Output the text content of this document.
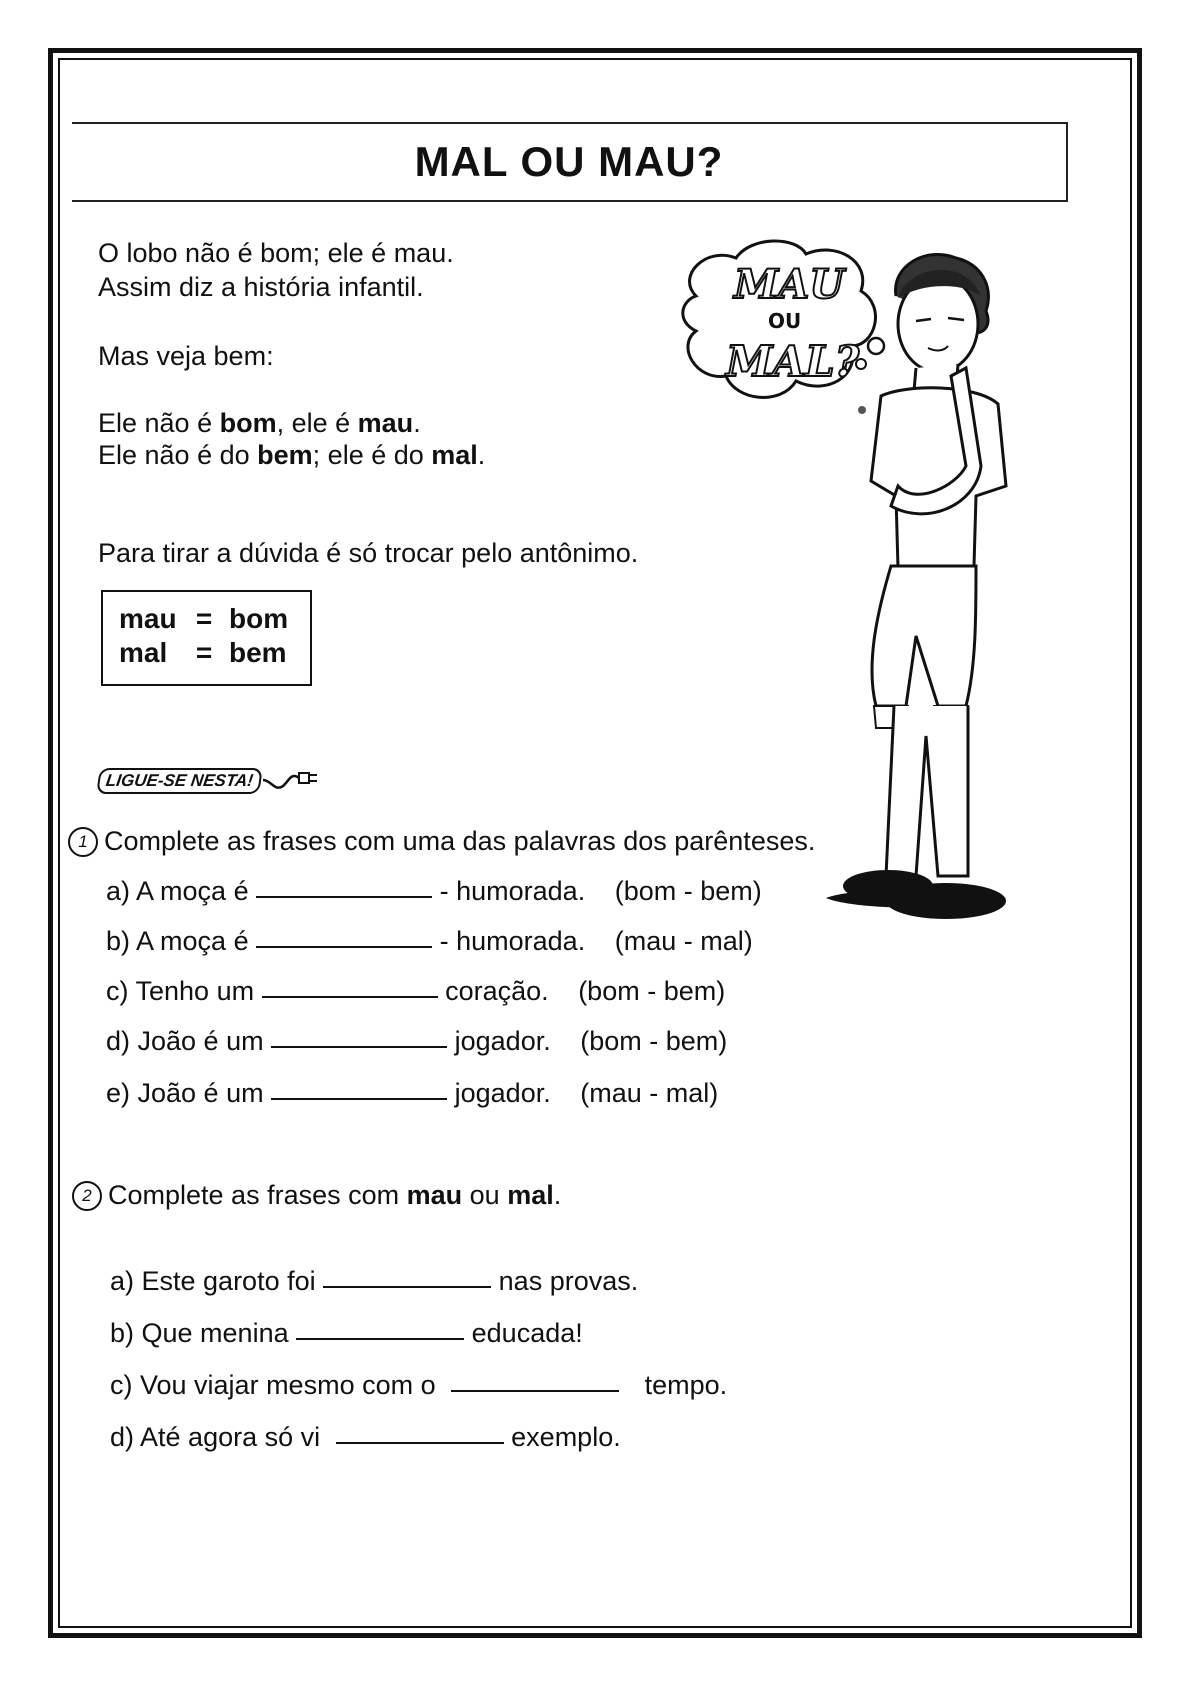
MAL OU MAU?
O lobo não é bom; ele é mau.
Assim diz a história infantil.
Mas veja bem:
Ele não é bom, ele é mau.
Ele não é do bem; ele é do mal.
Para tirar a dúvida é só trocar pelo antônimo.
mau = bom
mal	= bem
LIGUE-SE NESTA!
MAU
OU
MAL?
1 Complete as frases com uma das palavras dos parênteses.
a) A moça é	- humorada. (bom - bem)
b) A moça é	- humorada. (mau - mal)
c) Tenho um	coração. (bom - bem)
d) João é um	jogador. (bom - bem)
e) João é um	jogador. (mau - mal)
2 Complete as frases com mau ou mal.
a) Este garoto foi	nas provas.
b) Que menina	educada!
c) Vou viajar mesmo com o	tempo.
d) Até agora só vi	exemplo.
